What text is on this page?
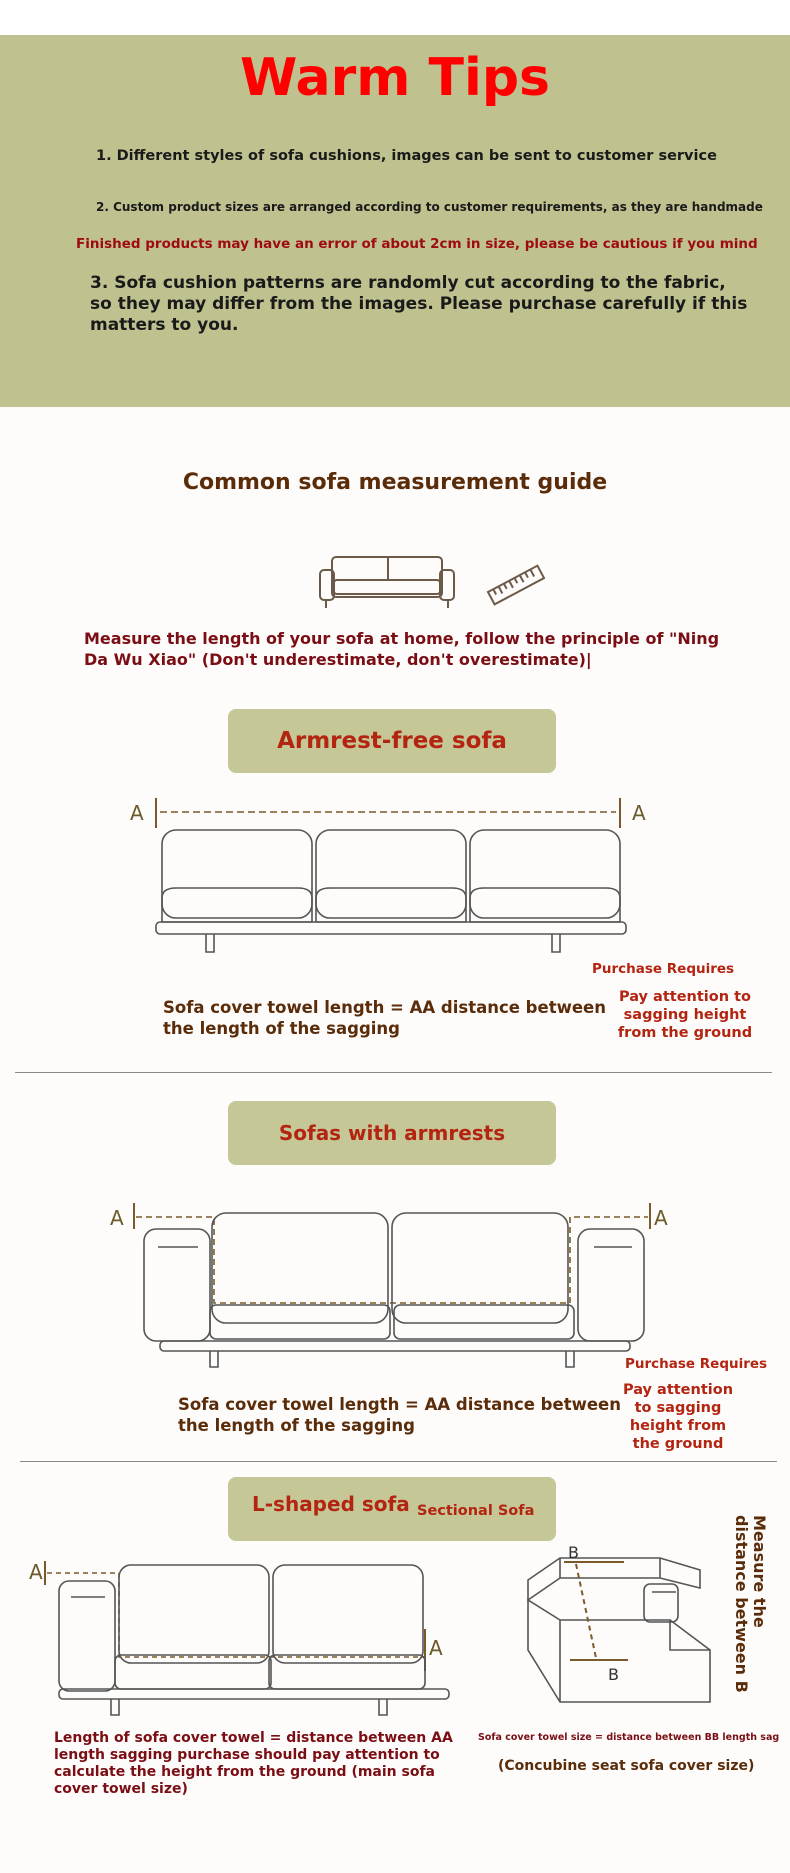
Warm Tips
1. Different styles of sofa cushions, images can be sent to customer service
2. Custom product sizes are arranged according to customer requirements, as they are handmade
Finished products may have an error of about 2cm in size, please be cautious if you mind
3. Sofa cushion patterns are randomly cut according to the fabric, so they may differ from the images. Please purchase carefully if this matters to you.
Common sofa measurement guide
Measure the length of your sofa at home, follow the principle of "Ning Da Wu Xiao" (Don't underestimate, don't overestimate)|
Armrest-free sofa
A	A
Purchase Requires
Pay attention to sagging height from the ground
Sofa cover towel length = AA distance between the length of the sagging
Sofas with armrests
A	A
Purchase Requires
Pay attention to sagging height from the ground
Sofa cover towel length = AA distance between the length of the sagging
L-shaped sofa Sectional Sofa
A
A
B
B
Measure the distance between B
Length of sofa cover towel = distance between AA length sagging purchase should pay attention to calculate the height from the ground (main sofa cover towel size)
Sofa cover towel size = distance between BB length sag
(Concubine seat sofa cover size)
